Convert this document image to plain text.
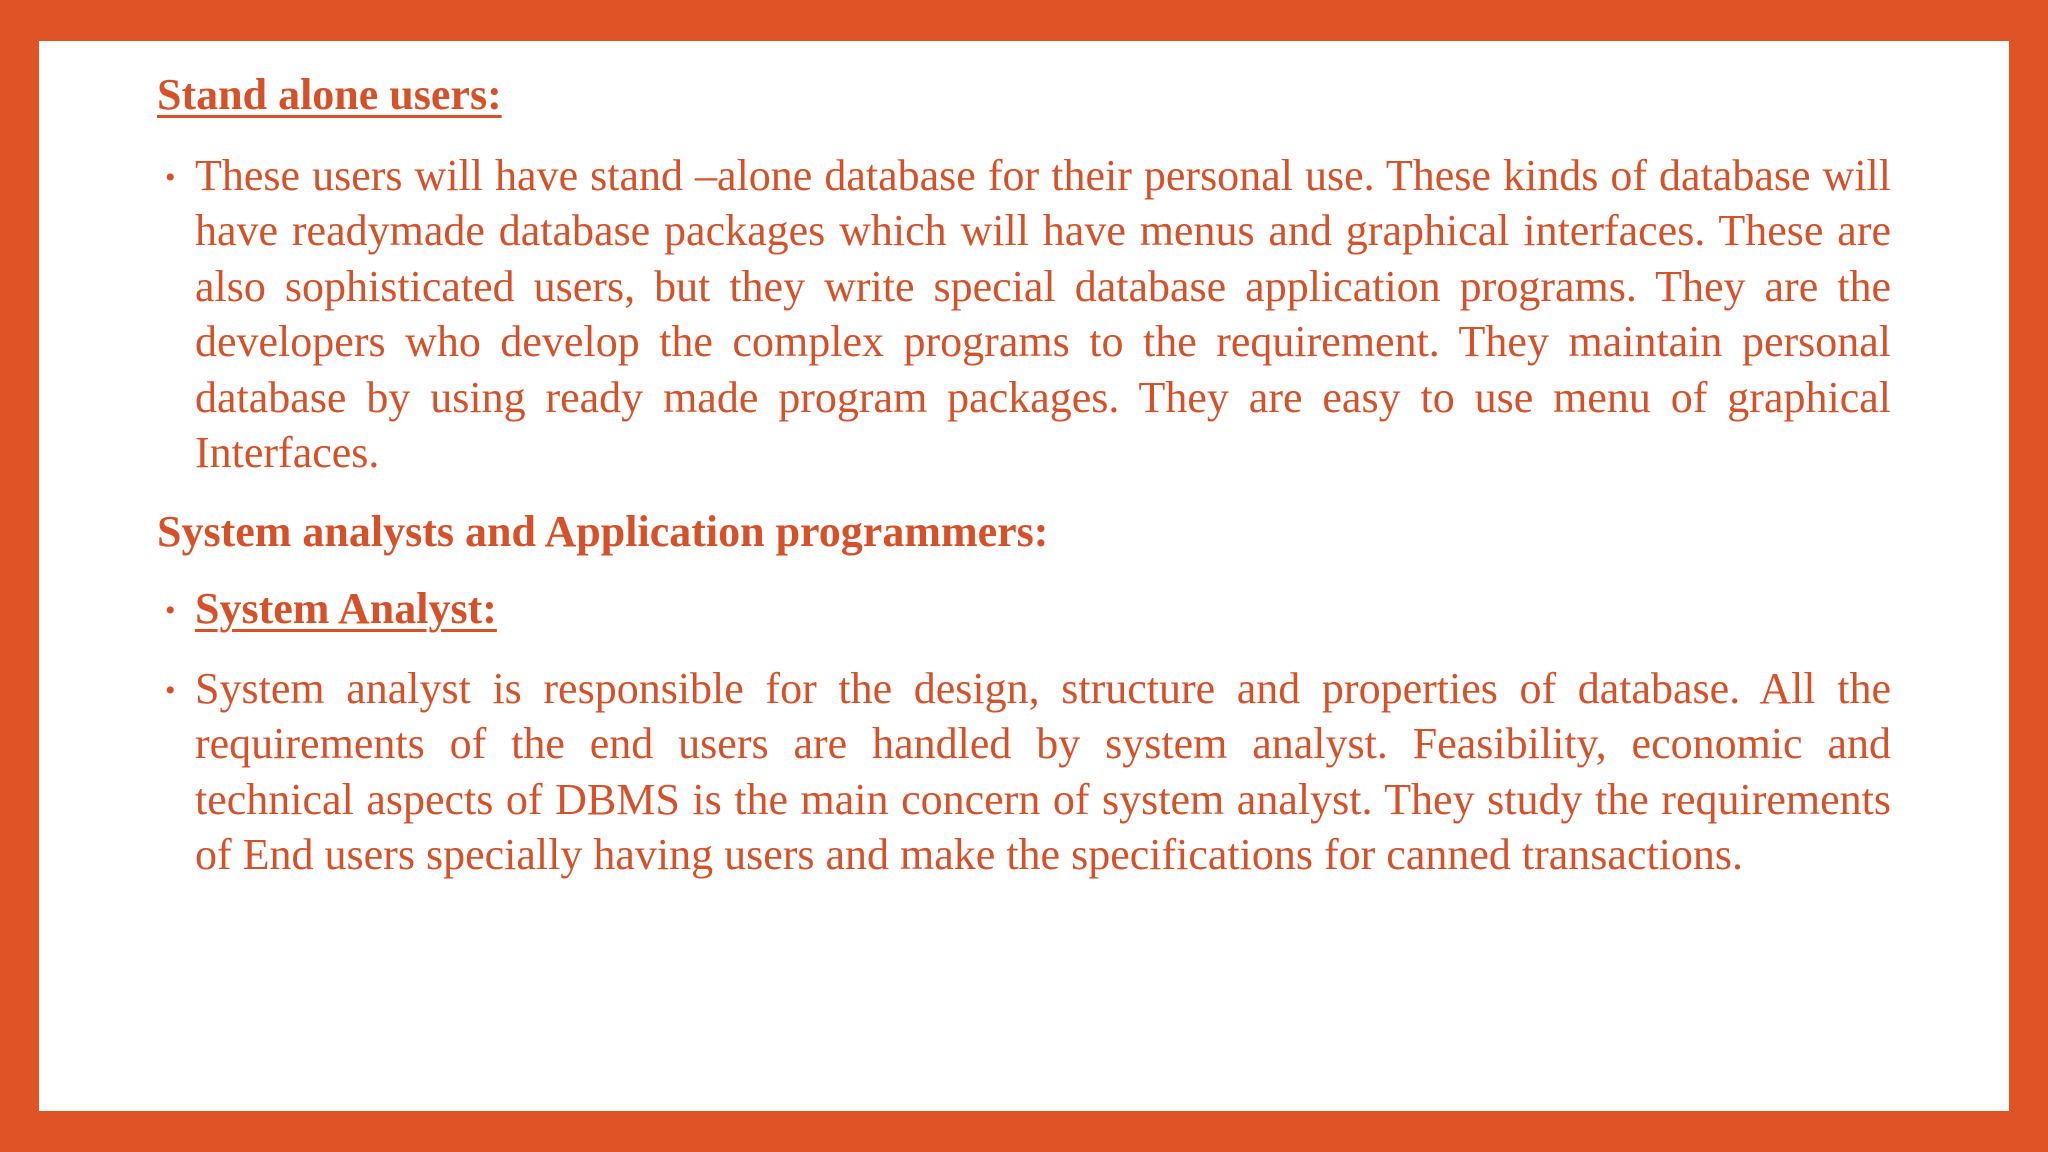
Stand alone users:

• These users will have stand –alone database for their personal use. These kinds of database will have readymade database packages which will have menus and graphical interfaces. These are also sophisticated users, but they write special database application programs. They are the developers who develop the complex programs to the requirement. They maintain personal database by using ready made program packages. They are easy to use menu of graphical Interfaces.

System analysts and Application programmers:

• System Analyst:
• System analyst is responsible for the design, structure and properties of database. All the requirements of the end users are handled by system analyst. Feasibility, economic and technical aspects of DBMS is the main concern of system analyst. They study the requirements of End users specially having users and make the specifications for canned transactions.
